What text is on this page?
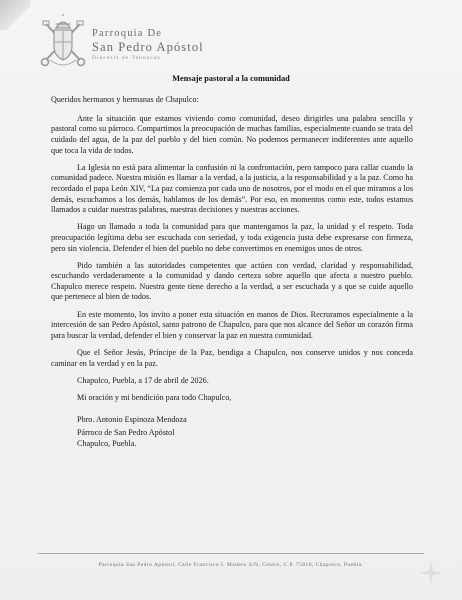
Parroquia De
San Pedro Apóstol
Diócesis de Tehuacán
Mensaje pastoral a la comunidad

Queridos hermanos y hermanas de Chapulco:

Ante la situación que estamos viviendo como comunidad, deseo dirigirles una palabra sencilla y pastoral como su párroco. Compartimos la preocupación de muchas familias, especialmente cuando se trata del cuidado del agua, de la paz del pueblo y del bien común. No podemos permanecer indiferentes ante aquello que toca la vida de todos.

La Iglesia no está para alimentar la confusión ni la confrontación, pero tampoco para callar cuando la comunidad padece. Nuestra misión es llamar a la verdad, a la justicia, a la responsabilidad y a la paz. Como ha recordado el papa León XIV, “La paz comienza por cada uno de nosotros, por el modo en el que miramos a los demás, escuchamos a los demás, hablamos de los demás”. Por eso, en momentos como este, todos estamos llamados a cuidar nuestras palabras, nuestras decisiones y nuestras acciones.

Hago un llamado a toda la comunidad para que mantengamos la paz, la unidad y el respeto. Toda preocupación legítima deba ser escuchada con seriedad, y toda exigencia justa debe expresarse con firmeza, pero sin violencia. Defender el bien del pueblo no debe convertimos en enemigos unos de otros.

Pido también a las autoridades competentes que actúen con verdad, claridad y responsabilidad, escuchando verdaderamente a la comunidad y dando certeza sobre aquello que afecta a nuestro pueblo. Chapulco merece respeto. Nuestra gente tiene derecho a la verdad, a ser escuchada y a que se cuide aquello que pertenece al bien de todos.

En este momento, los invito a poner esta situación en manos de Dios. Recruramos especialmente a la intercesión de san Pedro Apóstol, santo patrono de Chapulco, para que nos alcance del Señor un corazón firma para buscar la verdad, defender el bien y conservar la paz en nuestra comunidad.

Que el Señor Jesús, Príncipe de la Paz, bendiga a Chapulco, nos conserve unidos y nos conceda caminar en la verdad y en la paz.

Chapulco, Puebla, a 17 de abril de 2026.

Mi oración y mi bendición para todo Chapulco,

Pbro. Antonio Espinoza Mendoza
Párroco de San Pedro Apóstol
Chapulco, Puebla.
Parroquia San Pedro Apóstol, Calle Francisco I. Madero S/N, Centro, C.P. 75810, Chapulco, Puebla.
